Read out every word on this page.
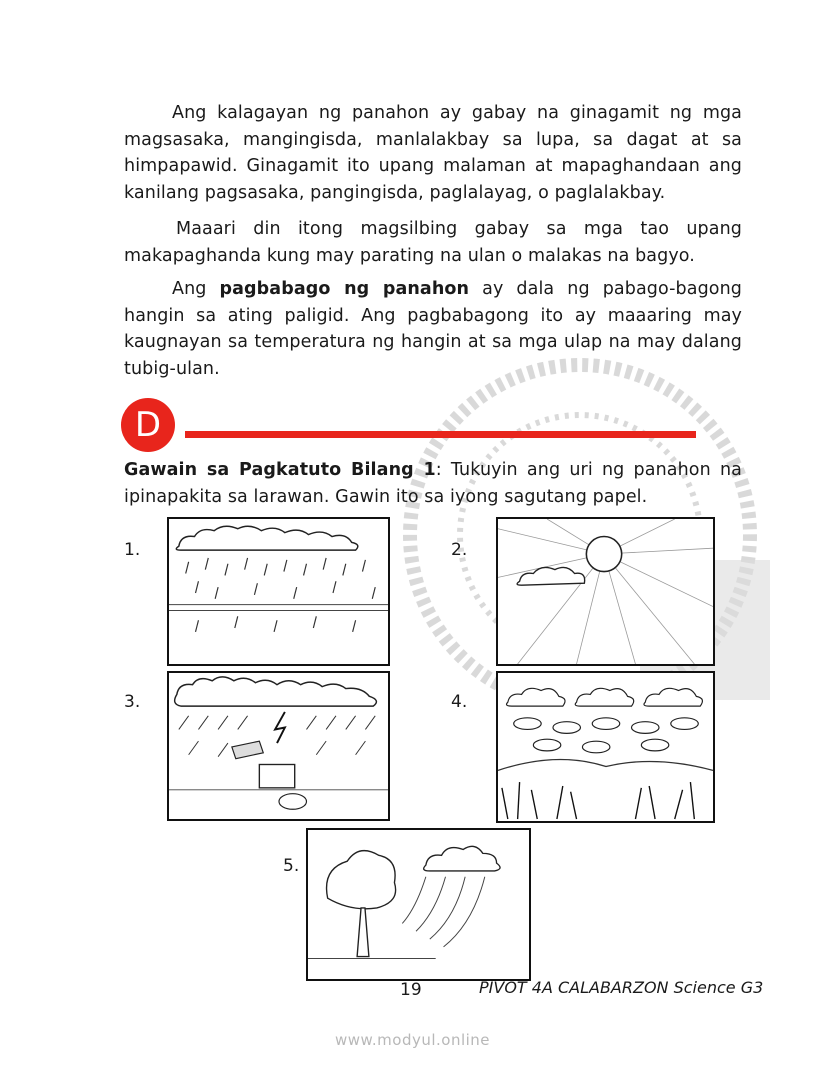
Ang kalagayan ng panahon ay gabay na ginagamit ng mga magsasaka, mangingisda, manlalakbay sa lupa, sa dagat at sa himpapawid. Ginagamit ito upang malaman at mapaghandaan ang kanilang pagsasaka, pangingisda, paglalayag, o paglalakbay.

Maaari din itong magsilbing gabay sa mga tao upang makapaghanda kung may parating na ulan o malakas na bagyo.

Ang pagbabago ng panahon ay dala ng pabago-bagong hangin sa ating paligid. Ang pagbabagong ito ay maaaring may kaugnayan sa temperatura ng hangin at sa mga ulap na may dalang tubig-ulan.

D

Gawain sa Pagkatuto Bilang 1: Tukuyin ang uri ng panahon na ipinapakita sa larawan. Gawin ito sa iyong sagutang papel.

1.	2.
3.	4.
5.
19	PIVOT 4A CALABARZON Science G3
www.modyul.online
